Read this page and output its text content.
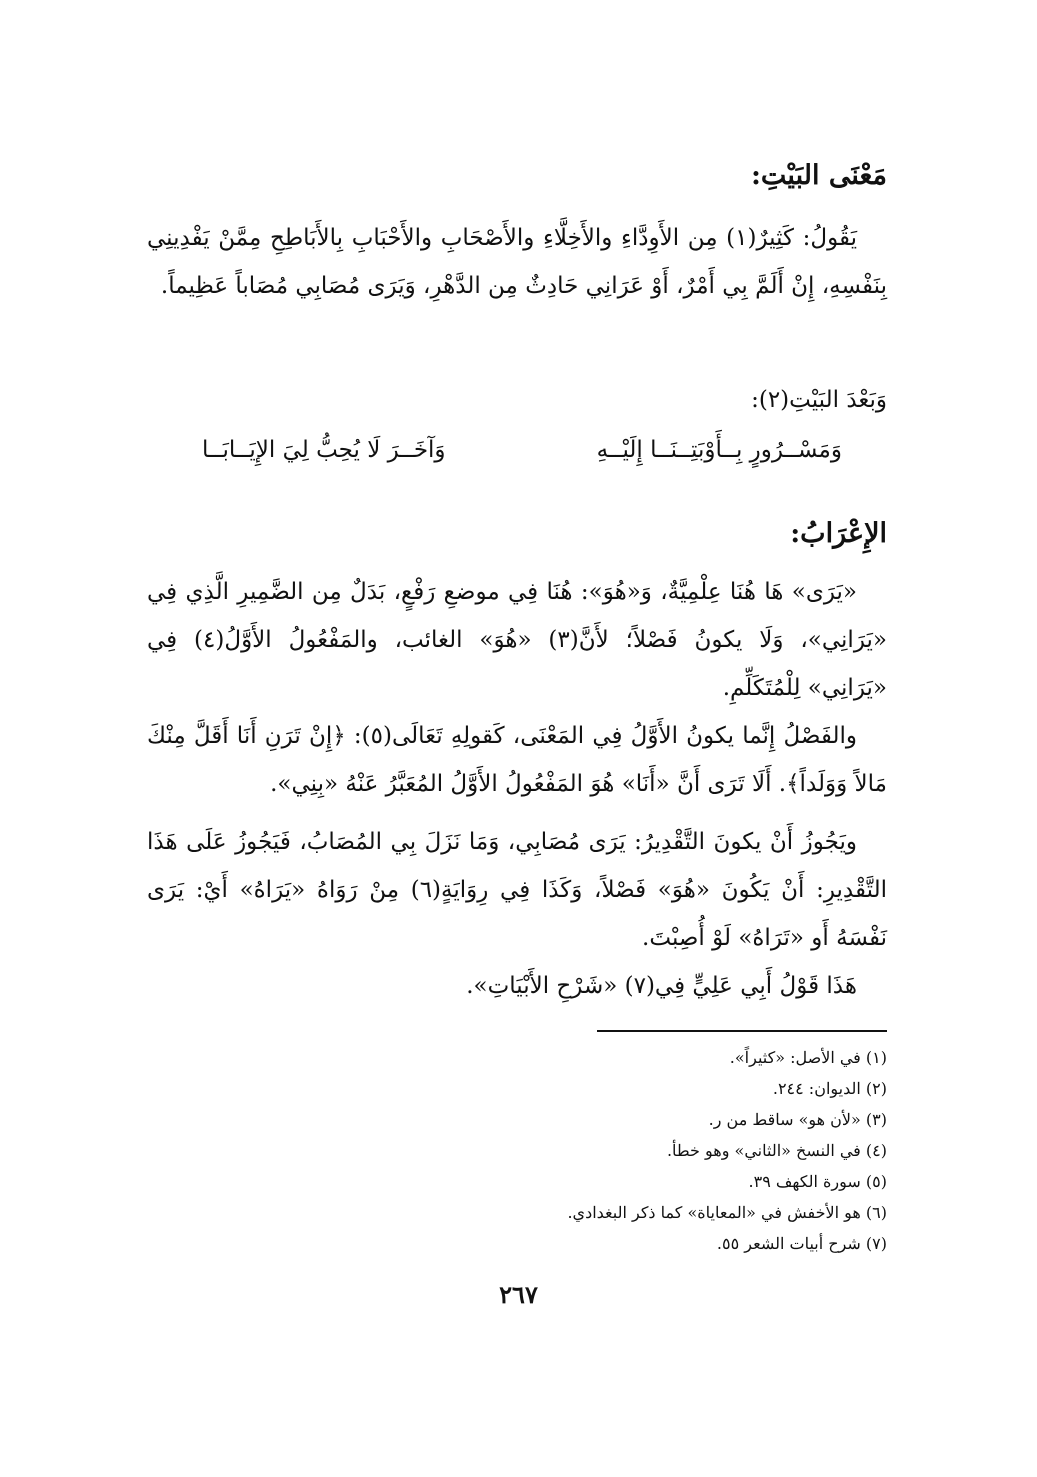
مَعْنَى البَيْتِ:
يَقُولُ: كَثِيرٌ(١) مِن الأَوِدَّاءِ والأَخِلَّاءِ والأَصْحَابِ والأَحْبَابِ بِالأَبَاطِحِ مِمَّنْ يَفْدِينِي بِنَفْسِهِ، إِنْ أَلَمَّ بِي أَمْرٌ، أَوْ عَرَانِي حَادِثٌ مِن الدَّهْرِ، وَيَرَى مُصَابِي مُصَاباً عَظِيماً.
وَبَعْدَ البَيْتِ(٢):
وَمَسْــرُورٍ بِــأَوْبَتِــنَــا إِلَيْــهِ
وَآخَــرَ لَا يُحِبُّ لِيَ الإِيَــابَــا
الإِعْرَابُ:
«يَرَى» هَا هُنَا عِلْمِيَّةٌ، وَ«هُوَ»: هُنَا فِي موضعِ رَفْعٍ، بَدَلٌ مِن الضَّمِيرِ الَّذِي فِي «يَرَانِي»، وَلَا يكونُ فَصْلاً؛ لأَنَّ(٣) «هُوَ» الغائب، والمَفْعُولُ الأَوَّلُ(٤) فِي «يَرَانِي» لِلْمُتَكَلِّمِ.
والفَصْلُ إِنَّما يكونُ الأَوَّلُ فِي المَعْنَى، كَقولِهِ تَعَالَى(٥): ﴿إِنْ تَرَنِ أَنَا أَقَلَّ مِنْكَ مَالاً وَوَلَداً﴾. أَلَا تَرَى أَنَّ «أَنَا» هُوَ المَفْعُولُ الأَوَّلُ المُعَبَّرُ عَنْهُ «بِنِي».
ويَجُوزُ أَنْ يكونَ التَّقْدِيرُ: يَرَى مُصَابِي، وَمَا نَزَلَ بِي المُصَابُ، فَيَجُوزُ عَلَى هَذَا التَّقْدِيرِ: أَنْ يَكُونَ «هُوَ» فَصْلاً، وَكَذَا فِي رِوَايَةٍ(٦) مِنْ رَوَاهُ «يَرَاهُ» أَيْ: يَرَى نَفْسَهُ أَو «تَرَاهُ» لَوْ أُصِبْتَ.
هَذَا قَوْلُ أَبِي عَلِيٍّ فِي(٧) «شَرْحِ الأَبْيَاتِ».
(١) في الأصل: «كثيراً».
(٢) الديوان: ٢٤٤.
(٣) «لأن هو» ساقط من ر.
(٤) في النسخ «الثاني» وهو خطأ.
(٥) سورة الكهف ٣٩.
(٦) هو الأخفش في «المعاياة» كما ذكر البغدادي.
(٧) شرح أبيات الشعر ٥٥.
٢٦٧
